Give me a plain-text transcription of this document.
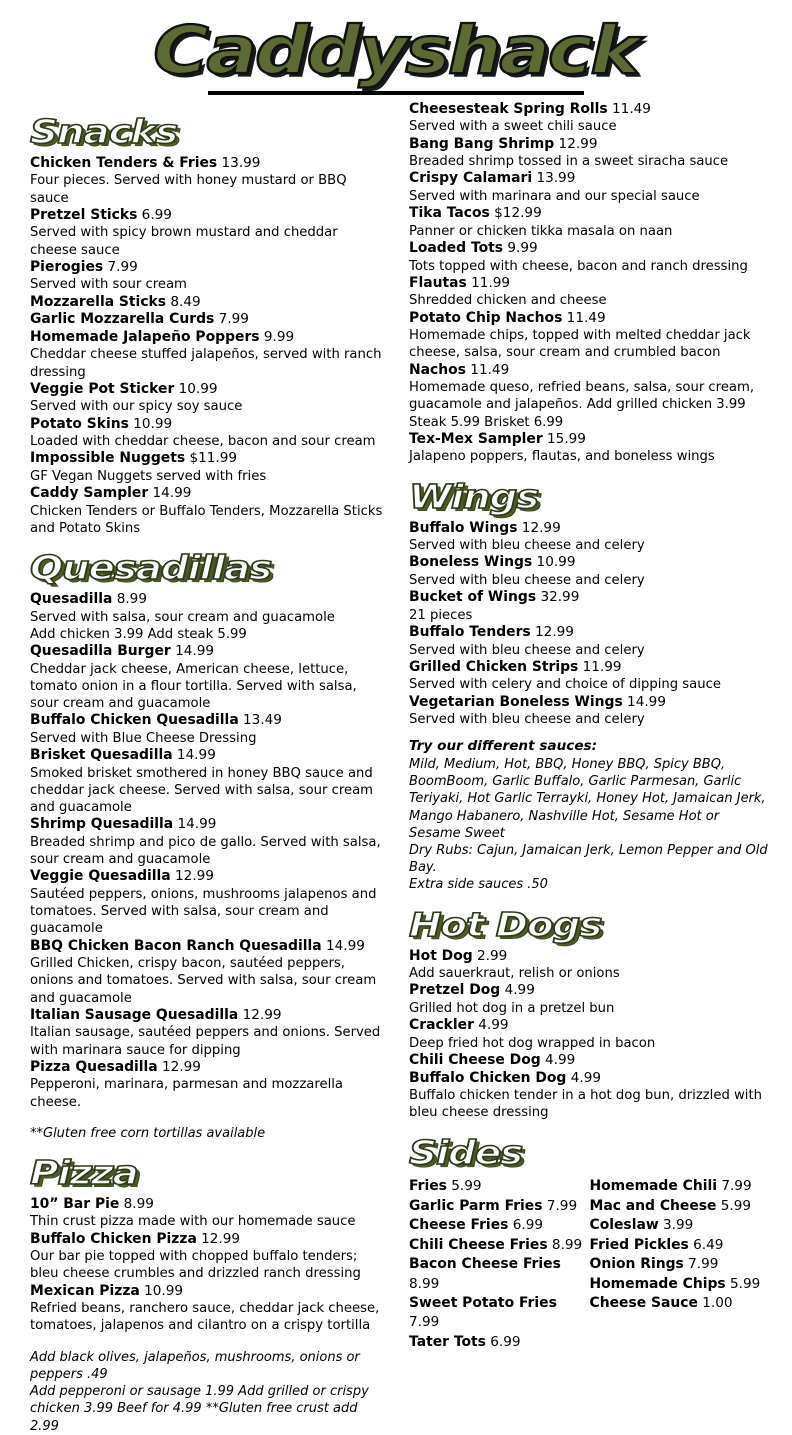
Caddyshack
Snacks
Chicken Tenders & Fries 13.99
Four pieces. Served with honey mustard or BBQ sauce
Pretzel Sticks 6.99
Served with spicy brown mustard and cheddar cheese sauce
Pierogies 7.99
Served with sour cream
Mozzarella Sticks 8.49
Garlic Mozzarella Curds 7.99
Homemade Jalapeño Poppers 9.99
Cheddar cheese stuffed jalapeños, served with ranch dressing
Veggie Pot Sticker 10.99
Served with our spicy soy sauce
Potato Skins 10.99
Loaded with cheddar cheese, bacon and sour cream
Impossible Nuggets $11.99
GF Vegan Nuggets served with fries
Caddy Sampler 14.99
Chicken Tenders or Buffalo Tenders, Mozzarella Sticks and Potato Skins
Quesadillas
Quesadilla 8.99
Served with salsa, sour cream and guacamole
Add chicken 3.99 Add steak 5.99
Quesadilla Burger 14.99
Cheddar jack cheese, American cheese, lettuce, tomato onion in a flour tortilla. Served with salsa, sour cream and guacamole
Buffalo Chicken Quesadilla 13.49
Served with Blue Cheese Dressing
Brisket Quesadilla 14.99
Smoked brisket smothered in honey BBQ sauce and cheddar jack cheese. Served with salsa, sour cream and guacamole
Shrimp Quesadilla 14.99
Breaded shrimp and pico de gallo. Served with salsa, sour cream and guacamole
Veggie Quesadilla 12.99
Sautéed peppers, onions, mushrooms jalapenos and tomatoes. Served with salsa, sour cream and guacamole
BBQ Chicken Bacon Ranch Quesadilla 14.99
Grilled Chicken, crispy bacon, sautéed peppers, onions and tomatoes. Served with salsa, sour cream and guacamole
Italian Sausage Quesadilla 12.99
Italian sausage, sautéed peppers and onions. Served with marinara sauce for dipping
Pizza Quesadilla 12.99
Pepperoni, marinara, parmesan and mozzarella cheese.
**Gluten free corn tortillas available
Pizza
10” Bar Pie 8.99
Thin crust pizza made with our homemade sauce
Buffalo Chicken Pizza 12.99
Our bar pie topped with chopped buffalo tenders; bleu cheese crumbles and drizzled ranch dressing
Mexican Pizza 10.99
Refried beans, ranchero sauce, cheddar jack cheese, tomatoes, jalapenos and cilantro on a crispy tortilla
Add black olives, jalapeños, mushrooms, onions or peppers .49
Add pepperoni or sausage 1.99 Add grilled or crispy chicken 3.99 Beef for 4.99 **Gluten free crust add 2.99
Cheesesteak Spring Rolls 11.49
Served with a sweet chili sauce
Bang Bang Shrimp 12.99
Breaded shrimp tossed in a sweet siracha sauce
Crispy Calamari 13.99
Served with marinara and our special sauce
Tika Tacos $12.99
Panner or chicken tikka masala on naan
Loaded Tots 9.99
Tots topped with cheese, bacon and ranch dressing
Flautas 11.99
Shredded chicken and cheese
Potato Chip Nachos 11.49
Homemade chips, topped with melted cheddar jack cheese, salsa, sour cream and crumbled bacon
Nachos 11.49
Homemade queso, refried beans, salsa, sour cream, guacamole and jalapeños. Add grilled chicken 3.99 Steak 5.99 Brisket 6.99
Tex-Mex Sampler 15.99
Jalapeno poppers, flautas, and boneless wings
Wings
Buffalo Wings 12.99
Served with bleu cheese and celery
Boneless Wings 10.99
Served with bleu cheese and celery
Bucket of Wings 32.99
21 pieces
Buffalo Tenders 12.99
Served with bleu cheese and celery
Grilled Chicken Strips 11.99
Served with celery and choice of dipping sauce
Vegetarian Boneless Wings 14.99
Served with bleu cheese and celery
Try our different sauces:
Mild, Medium, Hot, BBQ, Honey BBQ, Spicy BBQ, BoomBoom, Garlic Buffalo, Garlic Parmesan, Garlic Teriyaki, Hot Garlic Terrayki, Honey Hot, Jamaican Jerk, Mango Habanero, Nashville Hot, Sesame Hot or Sesame Sweet
Dry Rubs: Cajun, Jamaican Jerk, Lemon Pepper and Old Bay.
Extra side sauces .50
Hot Dogs
Hot Dog 2.99
Add sauerkraut, relish or onions
Pretzel Dog 4.99
Grilled hot dog in a pretzel bun
Crackler 4.99
Deep fried hot dog wrapped in bacon
Chili Cheese Dog 4.99
Buffalo Chicken Dog 4.99
Buffalo chicken tender in a hot dog bun, drizzled with bleu cheese dressing
Sides
Fries 5.99
Garlic Parm Fries 7.99
Cheese Fries 6.99
Chili Cheese Fries 8.99
Bacon Cheese Fries 8.99
Sweet Potato Fries 7.99
Tater Tots 6.99
Homemade Chili 7.99
Mac and Cheese 5.99
Coleslaw 3.99
Fried Pickles 6.49
Onion Rings 7.99
Homemade Chips 5.99
Cheese Sauce 1.00
